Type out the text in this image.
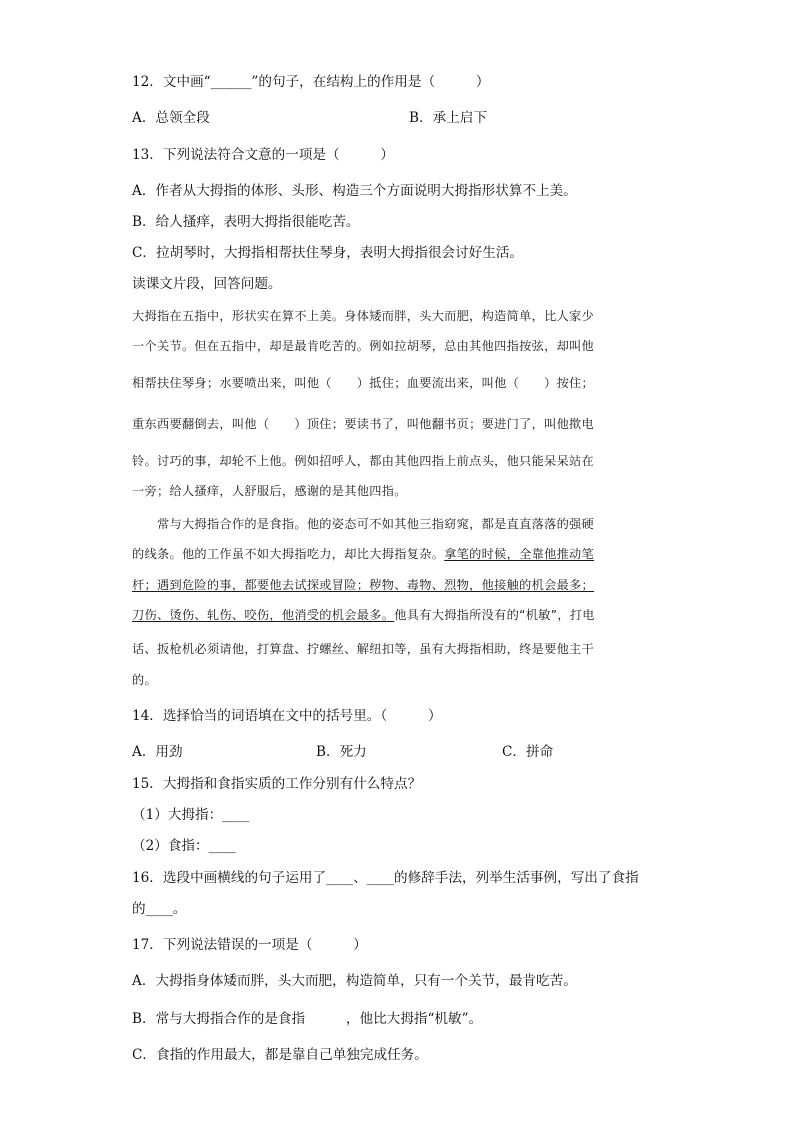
12．文中画“______”的句子，在结构上的作用是（　　　）
A．总领全段	B．承上启下
13．下列说法符合文意的一项是（　　　）
A．作者从大拇指的体形、头形、构造三个方面说明大拇指形状算不上美。
B．给人搔痒，表明大拇指很能吃苦。
C．拉胡琴时，大拇指相帮扶住琴身，表明大拇指很会讨好生活。
读课文片段，回答问题。
大拇指在五指中，形状实在算不上美。身体矮而胖，头大而肥，构造简单，比人家少
一个关节。但在五指中，却是最肯吃苦的。例如拉胡琴，总由其他四指按弦，却叫他
相帮扶住琴身；水要喷出来，叫他（　　）抵住；血要流出来，叫他（　　）按住；
重东西要翻倒去，叫他（　　）顶住；要读书了，叫他翻书页；要进门了，叫他揿电
铃。讨巧的事，却轮不上他。例如招呼人，都由其他四指上前点头，他只能呆呆站在
一旁；给人搔痒，人舒服后，感谢的是其他四指。
　　常与大拇指合作的是食指。他的姿态可不如其他三指窈窕，都是直直落落的强硬
的线条。他的工作虽不如大拇指吃力，却比大拇指复杂。拿笔的时候，全靠他推动笔
杆；遇到危险的事，都要他去试探或冒险；秽物、毒物、烈物，他接触的机会最多；
刀伤、烫伤、轧伤、咬伤，他消受的机会最多。他具有大拇指所没有的“机敏”，打电
话、扳枪机必须请他，打算盘、拧螺丝、解纽扣等，虽有大拇指相助，终是要他主干
的。
14．选择恰当的词语填在文中的括号里。（　　　）
A．用劲	B．死力	C．拼命
15．大拇指和食指实质的工作分别有什么特点？
（1）大拇指：____
（2）食指：____
16．选段中画横线的句子运用了____、____的修辞手法，列举生活事例，写出了食指
的____。
17．下列说法错误的一项是（　　　）
A．大拇指身体矮而胖，头大而肥，构造简单，只有一个关节，最肯吃苦。
B．常与大拇指合作的是食指　　　，他比大拇指“机敏”。
C．食指的作用最大，都是靠自己单独完成任务。
